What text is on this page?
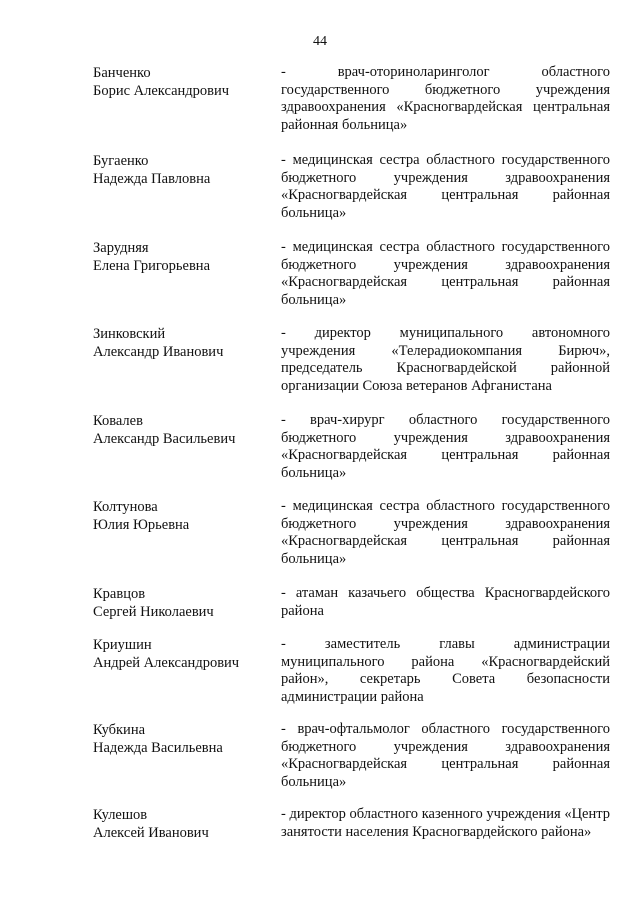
44
Банченко
Борис Александрович
- врач-оториноларинголог областного государственного бюджетного учреждения здравоохранения «Красногвардейская центральная районная больница»
Бугаенко
Надежда Павловна
- медицинская сестра областного государственного бюджетного учреждения здравоохранения «Красногвардейская центральная районная больница»
Зарудняя
Елена Григорьевна
- медицинская сестра областного государственного бюджетного учреждения здравоохранения «Красногвардейская центральная районная больница»
Зинковский
Александр Иванович
- директор муниципального автономного учреждения «Телерадиокомпания Бирюч», председатель Красногвардейской районной организации Союза ветеранов Афганистана
Ковалев
Александр Васильевич
- врач-хирург областного государственного бюджетного учреждения здравоохранения «Красногвардейская центральная районная больница»
Колтунова
Юлия Юрьевна
- медицинская сестра областного государственного бюджетного учреждения здравоохранения «Красногвардейская центральная районная больница»
Кравцов
Сергей Николаевич
- атаман казачьего общества Красногвардейского района
Криушин
Андрей Александрович
- заместитель главы администрации муниципального района «Красногвардейский район», секретарь Совета безопасности администрации района
Кубкина
Надежда Васильевна
- врач-офтальмолог областного государственного бюджетного учреждения здравоохранения «Красногвардейская центральная районная больница»
Кулешов
Алексей Иванович
- директор областного казенного учреждения «Центр занятости населения Красногвардейского района»
